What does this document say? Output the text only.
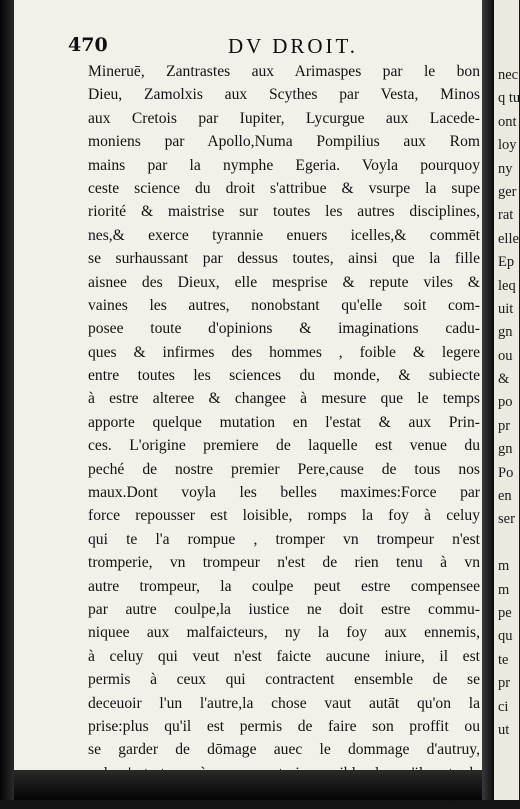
470	DV DROIT.
Mineruē, Zantrastes aux Arimaspes par le bon
Dieu, Zamolxis aux Scythes par Vesta, Minos
aux Cretois par Iupiter, Lycurgue aux Lacede-
moniens par Apollo,Numa Pompilius aux Rom
mains par la nymphe Egeria. Voyla pourquoy
ceste science du droit s'attribue & vsurpe la supe
riorité & maistrise sur toutes les autres disciplines,
nes,& exerce tyrannie enuers icelles,& commēt
se surhaussant par dessus toutes, ainsi que la fille
aisnee des Dieux, elle mesprise & repute viles &
vaines les autres, nonobstant qu'elle soit com-
posee toute d'opinions & imaginations cadu-
ques & infirmes des hommes , foible & legere
entre toutes les sciences du monde, & subiecte
à estre alteree & changee à mesure que le temps
apporte quelque mutation en l'estat & aux Prin-
ces. L'origine premiere de laquelle est venue du
peché de nostre premier Pere,cause de tous nos
maux.Dont voyla les belles maximes:Force par
force repousser est loisible, romps la foy à celuy
qui te l'a rompue , tromper vn trompeur n'est
tromperie, vn trompeur n'est de rien tenu à vn
autre trompeur, la coulpe peut estre compensee
par autre coulpe,la iustice ne doit estre commu-
niquee aux malfaicteurs, ny la foy aux ennemis,
à celuy qui veut n'est faicte aucune iniure, il est
permis à ceux qui contractent ensemble de se
deceuoir l'un l'autre,la chose vaut autāt qu'on la
prise:plus qu'il est permis de faire son proffit ou
se garder de dōmage auec le dommage d'autruy,
nec
q tu
ont
loy
ny
ger
rat
elle
Ep
leq
uit
gn
ou
&
po
pr
gn
Po
en
ser
m
m
pe
qu
te
pr
ci
ut
